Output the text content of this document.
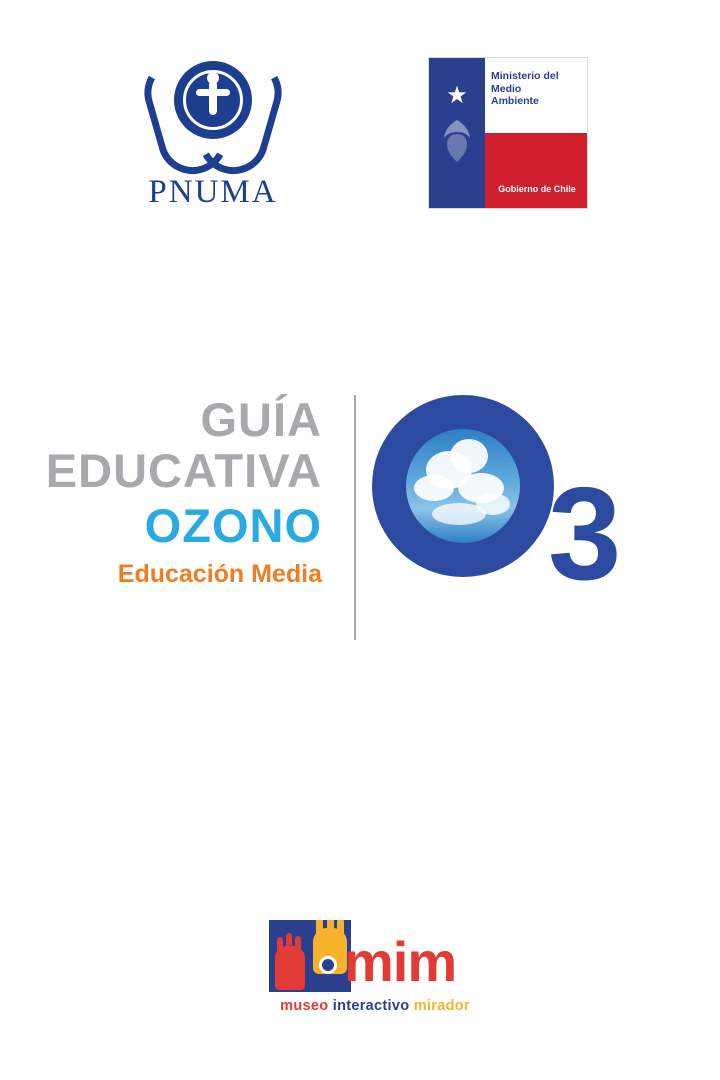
PNUMA
★
Ministerio del
Medio
Ambiente
Gobierno de Chile
GUÍA
EDUCATIVA
OZONO
Educación Media 3
mim
museo interactivo mirador
